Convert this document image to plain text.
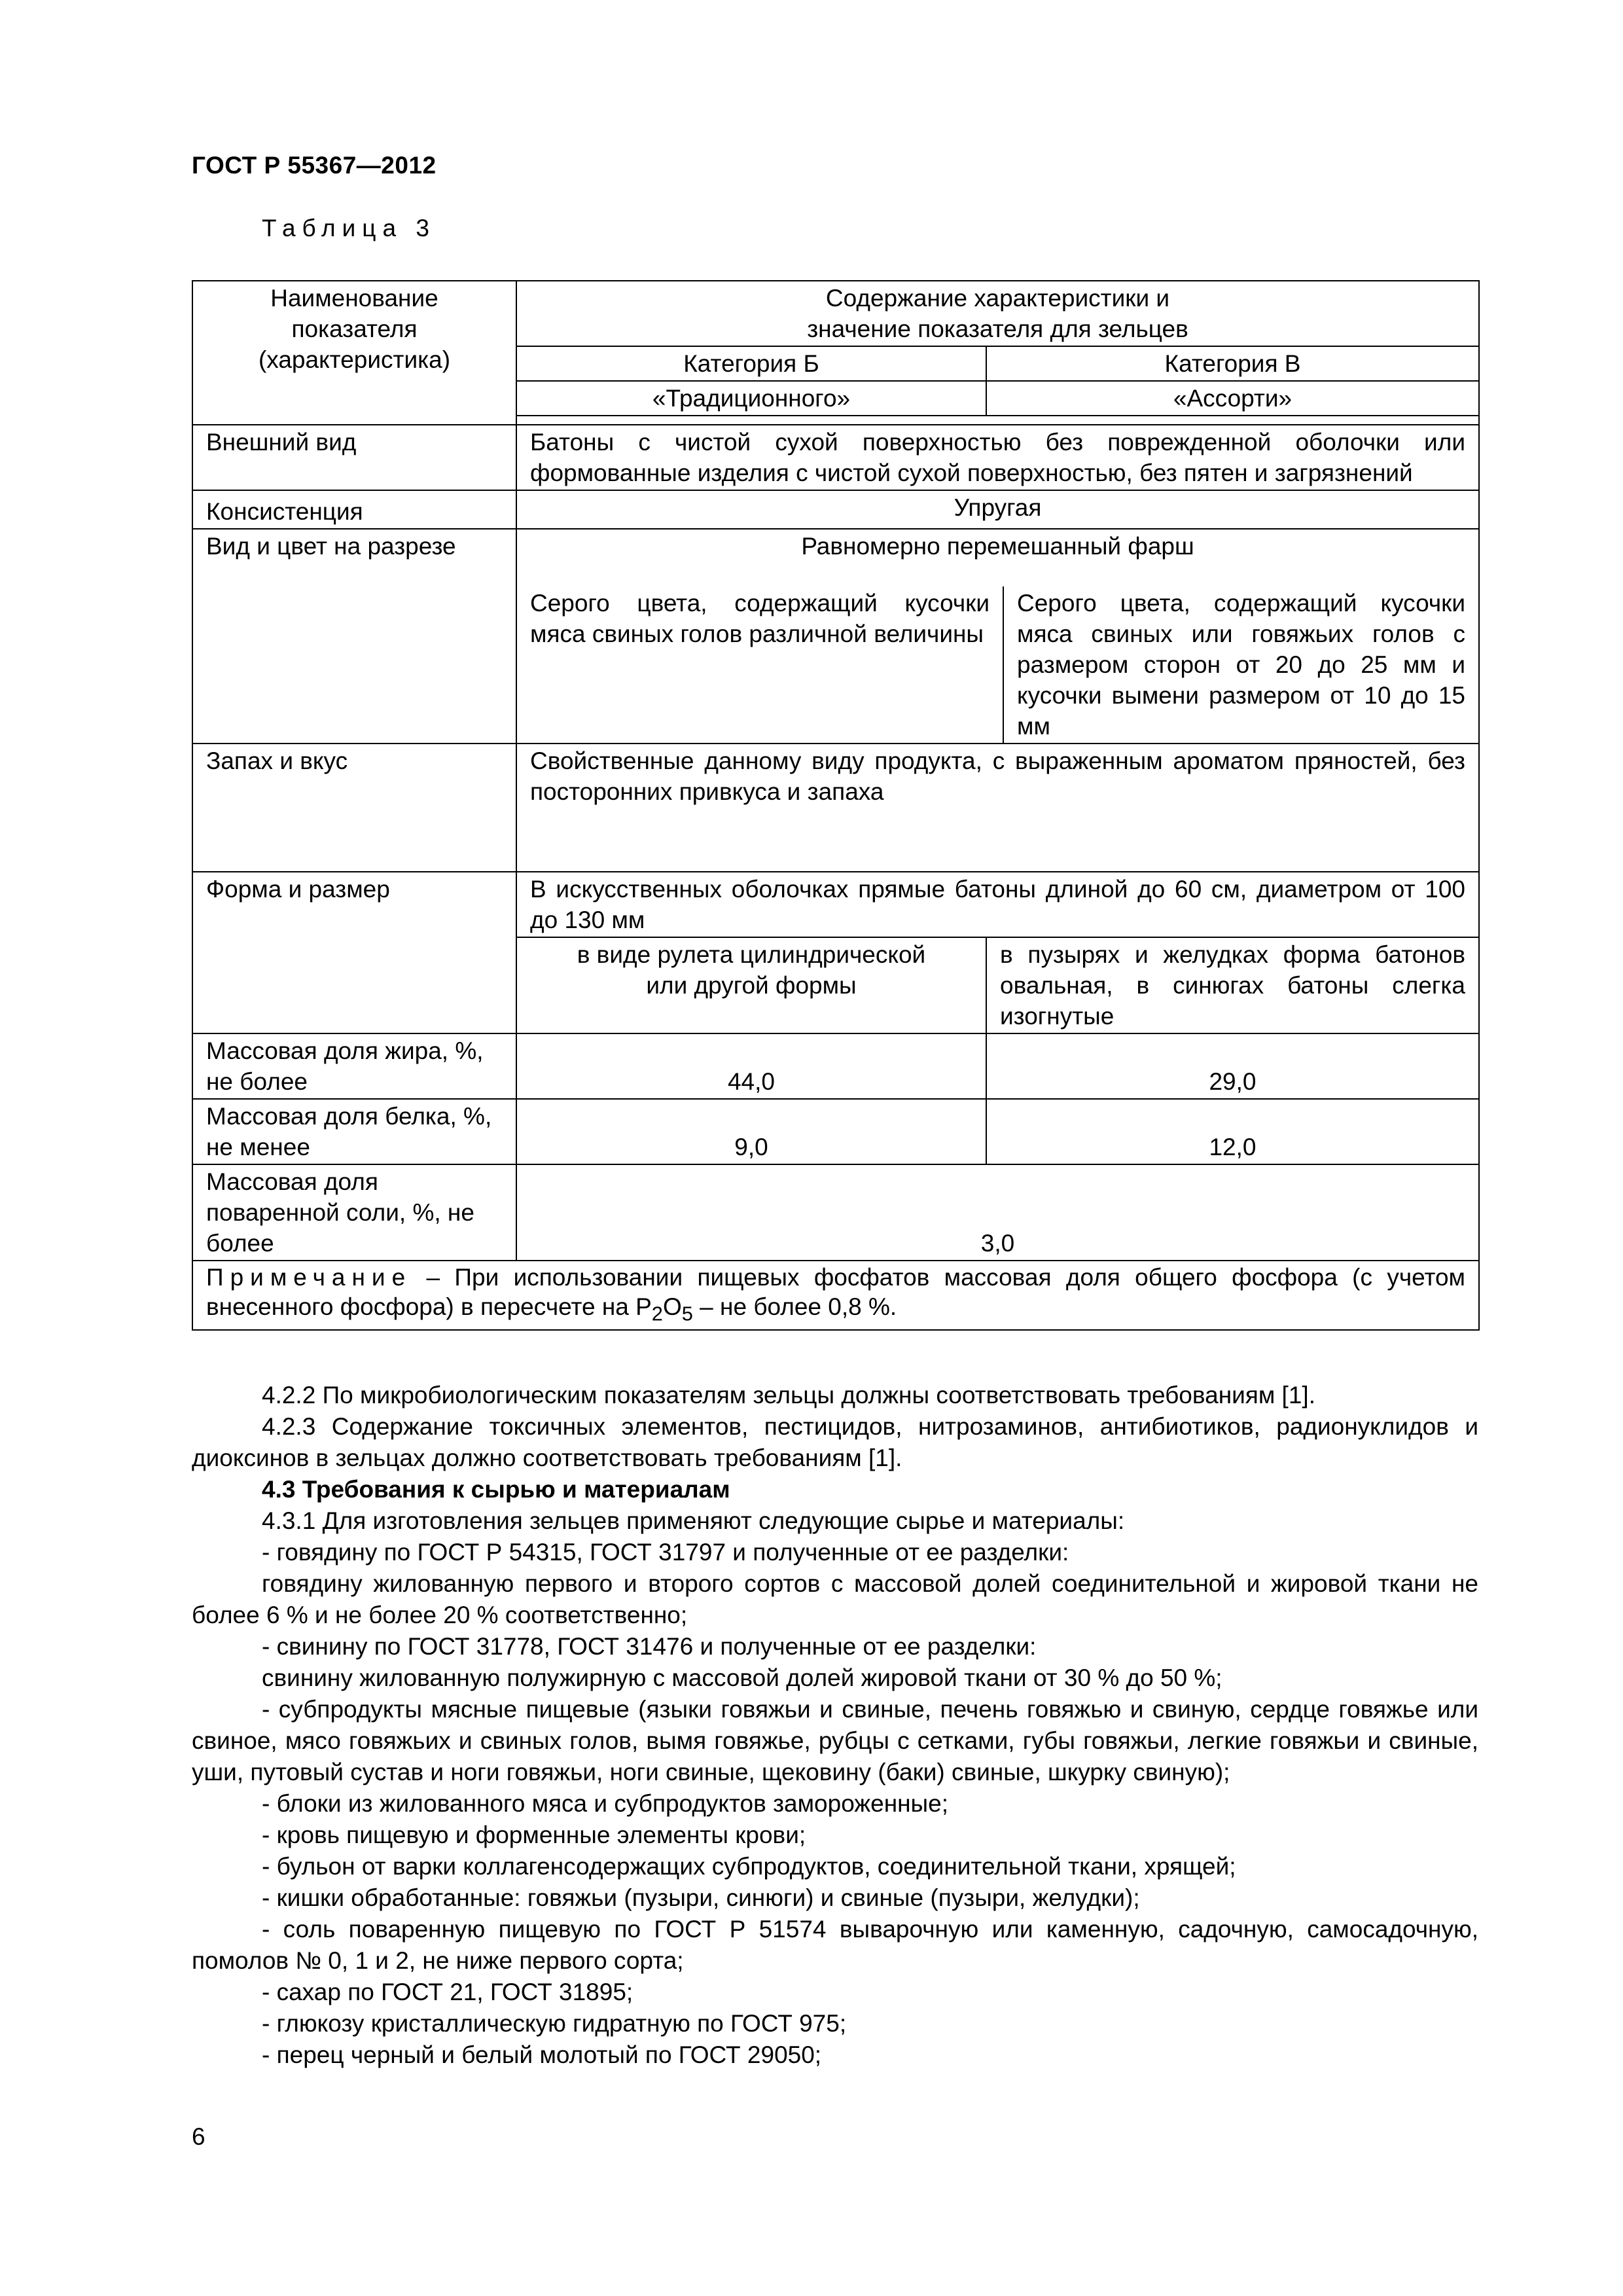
ГОСТ Р 55367—2012
Таблица 3
Наименование показателя (характеристика)	Содержание характеристики и значение показателя для зельцев		
	Категория Б	Категория В	
	«Традиционного»	«Ассорти»	

Внешний вид	Батоны с чистой сухой поверхностью без поврежденной оболочки или формованные изделия с чистой сухой поверхностью, без пятен и загрязнений		
Консистенция	Упругая		
Вид и цвет на разрезе	Равномерно перемешанный фарш		
	Серого цвета, содержащий кусочки мяса свиных голов различной величины		Серого цвета, содержащий кусочки мяса свиных или говяжьих голов с размером сторон от 20 до 25 мм и кусочки вымени размером от 10 до 15 мм
Запах и вкус	Свойственные данному виду продукта, с выраженным ароматом пряностей, без посторонних привкуса и запаха		
Форма и размер	В искусственных оболочках прямые батоны длиной до 60 см, диаметром от 100 до 130 мм		
	в виде рулета цилиндрической или другой формы	в пузырях и желудках форма батонов овальная, в синюгах батоны слегка изогнутые	
Массовая доля жира, %, не более	44,0	29,0	
Массовая доля белка, %, не менее	9,0	12,0	
Массовая доля поваренной соли, %, не более	3,0		
Примечание – При использовании пищевых фосфатов массовая доля общего фосфора (с учетом внесенного фосфора) в пересчете на $P_2O_5$ – не более 0,8 %.			

4.2.2 По микробиологическим показателям зельцы должны соответствовать требованиям [1].

4.2.3 Содержание токсичных элементов, пестицидов, нитрозаминов, антибиотиков, радионуклидов и диоксинов в зельцах должно соответствовать требованиям [1].

4.3 Требования к сырью и материалам

4.3.1 Для изготовления зельцев применяют следующие сырье и материалы:

- говядину по ГОСТ Р 54315, ГОСТ 31797 и полученные от ее разделки:

говядину жилованную первого и второго сортов с массовой долей соединительной и жировой ткани не более 6 % и не более 20 % соответственно;

- свинину по ГОСТ 31778, ГОСТ 31476 и полученные от ее разделки:

свинину жилованную полужирную с массовой долей жировой ткани от 30 % до 50 %;

- субпродукты мясные пищевые (языки говяжьи и свиные, печень говяжью и свиную, сердце говяжье или свиное, мясо говяжьих и свиных голов, вымя говяжье, рубцы с сетками, губы говяжьи, легкие говяжьи и свиные, уши, путовый сустав и ноги говяжьи, ноги свиные, щековину (баки) свиные, шкурку свиную);

- блоки из жилованного мяса и субпродуктов замороженные;

- кровь пищевую и форменные элементы крови;

- бульон от варки коллагенсодержащих субпродуктов, соединительной ткани, хрящей;

- кишки обработанные: говяжьи (пузыри, синюги) и свиные (пузыри, желудки);

- соль поваренную пищевую по ГОСТ Р 51574 выварочную или каменную, садочную, самосадочную, помолов № 0, 1 и 2, не ниже первого сорта;

- сахар по ГОСТ 21, ГОСТ 31895;

- глюкозу кристаллическую гидратную по ГОСТ 975;

- перец черный и белый молотый по ГОСТ 29050;

6
